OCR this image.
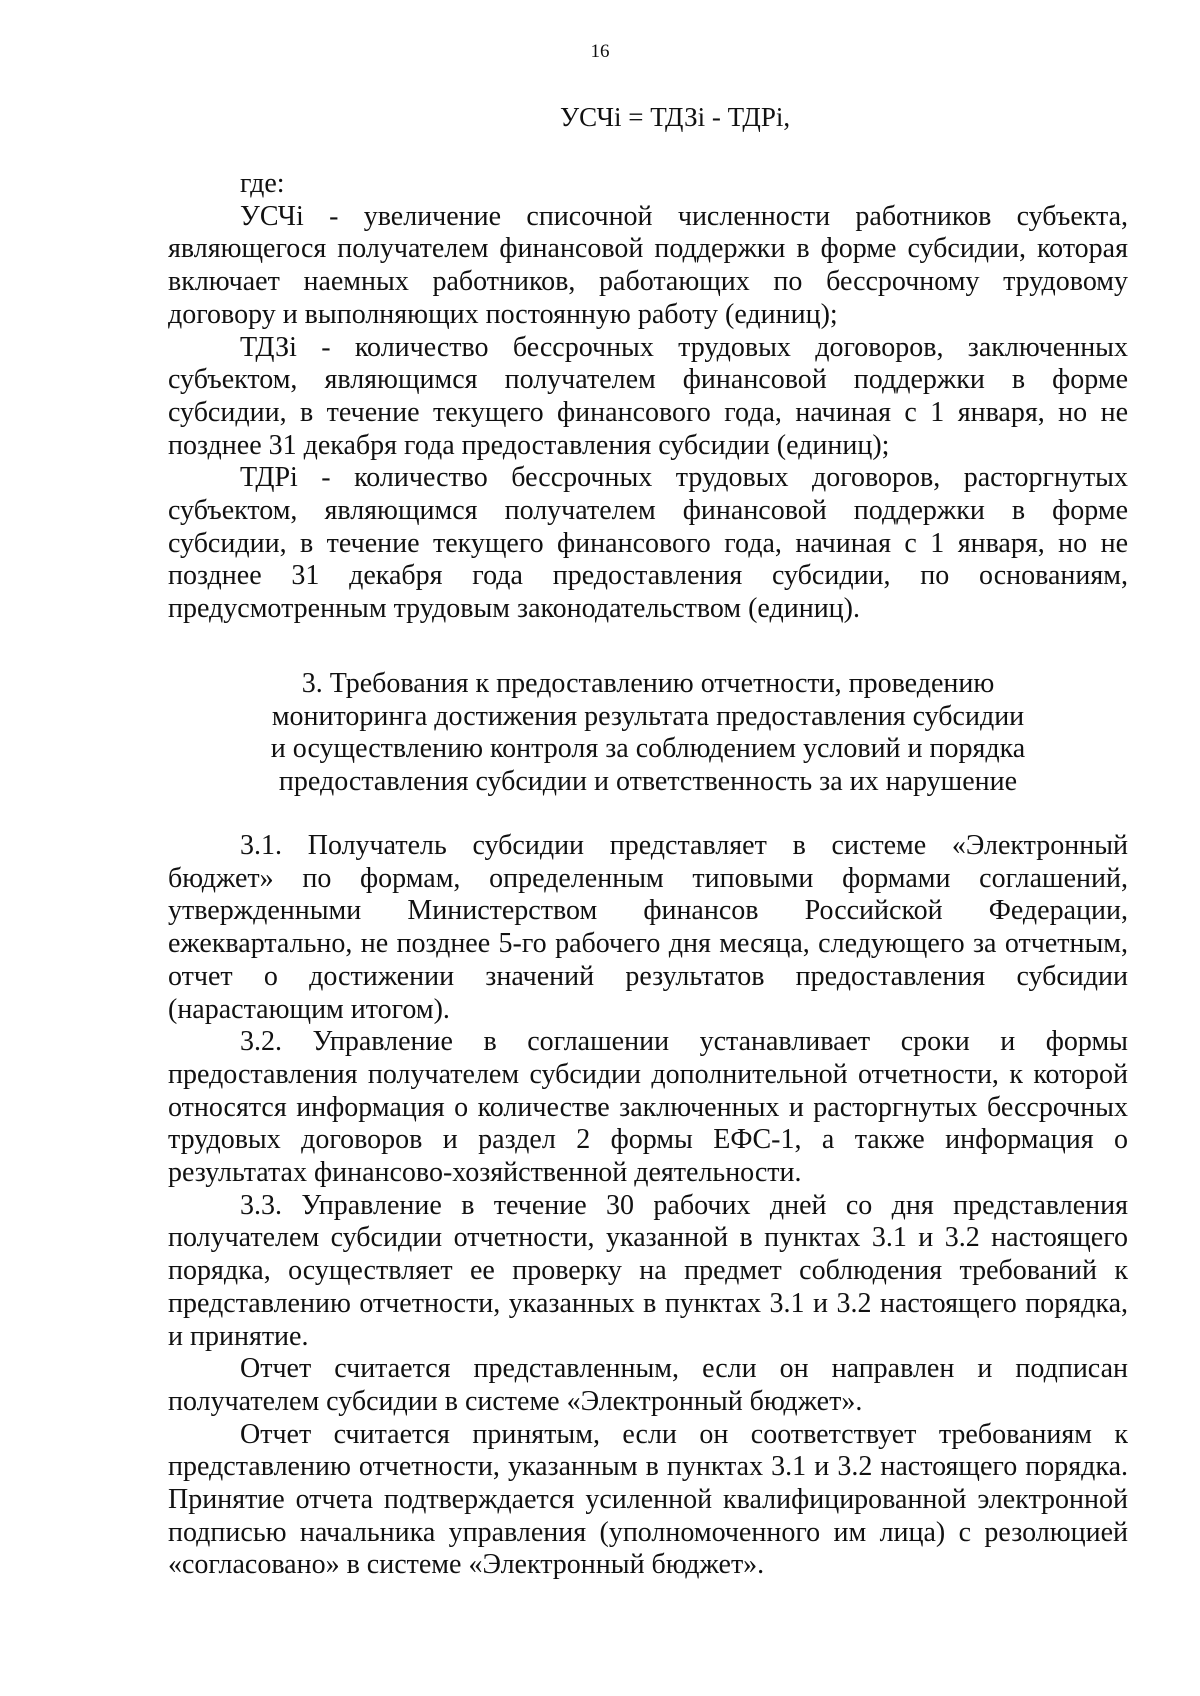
16
УСЧi = ТДЗi - ТДРi,

где:

УСЧi - увеличение списочной численности работников субъекта, являющегося получателем финансовой поддержки в форме субсидии, которая включает наемных работников, работающих по бессрочному трудовому договору и выполняющих постоянную работу (единиц);

ТДЗi - количество бессрочных трудовых договоров, заключенных субъектом, являющимся получателем финансовой поддержки в форме субсидии, в течение текущего финансового года, начиная с 1 января, но не позднее 31 декабря года предоставления субсидии (единиц);

ТДРi - количество бессрочных трудовых договоров, расторгнутых субъектом, являющимся получателем финансовой поддержки в форме субсидии, в течение текущего финансового года, начиная с 1 января, но не позднее 31 декабря года предоставления субсидии, по основаниям, предусмотренным трудовым законодательством (единиц).

3. Требования к предоставлению отчетности, проведению
мониторинга достижения результата предоставления субсидии
и осуществлению контроля за соблюдением условий и порядка
предоставления субсидии и ответственность за их нарушение

3.1. Получатель субсидии представляет в системе «Электронный бюджет» по формам, определенным типовыми формами соглашений, утвержденными Министерством финансов Российской Федерации, ежеквартально, не позднее 5-го рабочего дня месяца, следующего за отчетным, отчет о достижении значений результатов предоставления субсидии (нарастающим итогом).

3.2. Управление в соглашении устанавливает сроки и формы предоставления получателем субсидии дополнительной отчетности, к которой относятся информация о количестве заключенных и расторгнутых бессрочных трудовых договоров и раздел 2 формы ЕФС-1, а также информация о результатах финансово-хозяйственной деятельности.

3.3. Управление в течение 30 рабочих дней со дня представления получателем субсидии отчетности, указанной в пунктах 3.1 и 3.2 настоящего порядка, осуществляет ее проверку на предмет соблюдения требований к представлению отчетности, указанных в пунктах 3.1 и 3.2 настоящего порядка, и принятие.

Отчет считается представленным, если он направлен и подписан получателем субсидии в системе «Электронный бюджет».

Отчет считается принятым, если он соответствует требованиям к представлению отчетности, указанным в пунктах 3.1 и 3.2 настоящего порядка. Принятие отчета подтверждается усиленной квалифицированной электронной подписью начальника управления (уполномоченного им лица) с резолюцией «согласовано» в системе «Электронный бюджет».
